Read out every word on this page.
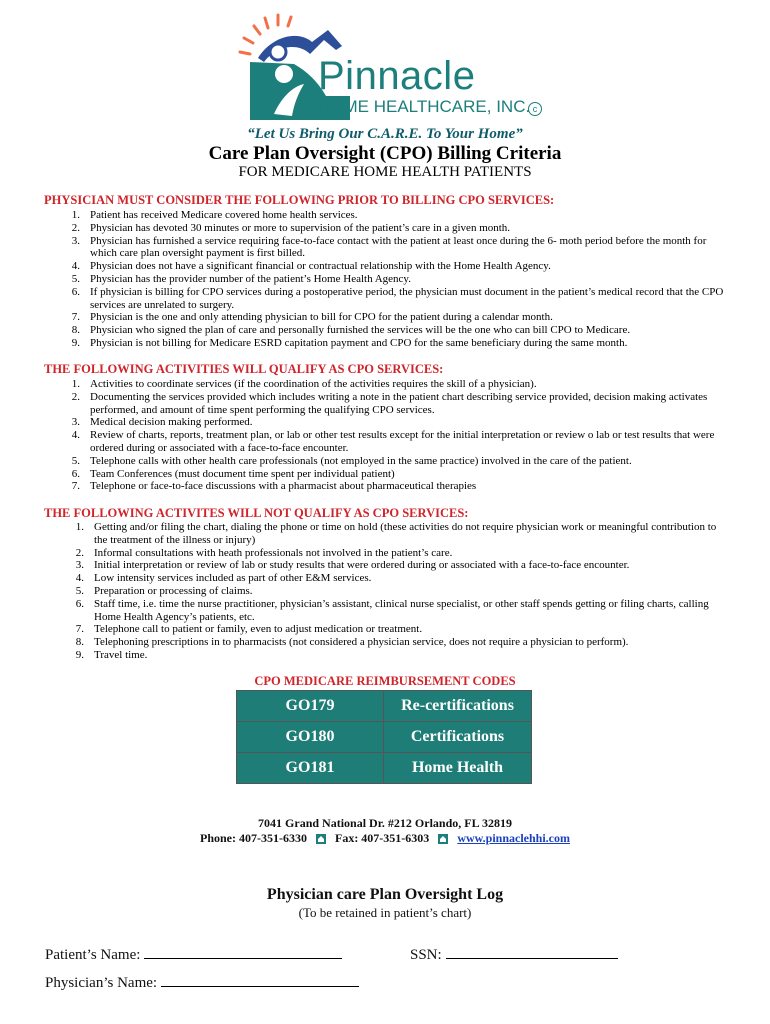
Pinnacle
HOME HEALTHCARE, INC. c
“Let Us Bring Our C.A.R.E. To Your Home”
Care Plan Oversight (CPO) Billing Criteria
FOR MEDICARE HOME HEALTH PATIENTS
PHYSICIAN MUST CONSIDER THE FOLLOWING PRIOR TO BILLING CPO SERVICES:
1. Patient has received Medicare covered home health services.
2. Physician has devoted 30 minutes or more to supervision of the patient’s care in a given month.
3. Physician has furnished a service requiring face-to-face contact with the patient at least once during the 6- moth period before the month for which care plan oversight payment is first billed.
4. Physician does not have a significant financial or contractual relationship with the Home Health Agency.
5. Physician has the provider number of the patient’s Home Health Agency.
6. If physician is billing for CPO services during a postoperative period, the physician must document in the patient’s medical record that the CPO services are unrelated to surgery.
7. Physician is the one and only attending physician to bill for CPO for the patient during a calendar month.
8. Physician who signed the plan of care and personally furnished the services will be the one who can bill CPO to Medicare.
9. Physician is not billing for Medicare ESRD capitation payment and CPO for the same beneficiary during the same month.
THE FOLLOWING ACTIVITIES WILL QUALIFY AS CPO SERVICES:
1. Activities to coordinate services (if the coordination of the activities requires the skill of a physician).
2. Documenting the services provided which includes writing a note in the patient chart describing service provided, decision making activates performed, and amount of time spent performing the qualifying CPO services.
3. Medical decision making performed.
4. Review of charts, reports, treatment plan, or lab or other test results except for the initial interpretation or review o lab or test results that were ordered during or associated with a face-to-face encounter.
5. Telephone calls with other health care professionals (not employed in the same practice) involved in the care of the patient.
6. Team Conferences (must document time spent per individual patient)
7. Telephone or face-to-face discussions with a pharmacist about pharmaceutical therapies
THE FOLLOWING ACTIVITES WILL NOT QUALIFY AS CPO SERVICES:
1. Getting and/or filing the chart, dialing the phone or time on hold (these activities do not require physician work or meaningful contribution to the treatment of the illness or injury)
2. Informal consultations with heath professionals not involved in the patient’s care.
3. Initial interpretation or review of lab or study results that were ordered during or associated with a face-to-face encounter.
4. Low intensity services included as part of other E&M services.
5. Preparation or processing of claims.
6. Staff time, i.e. time the nurse practitioner, physician’s assistant, clinical nurse specialist, or other staff spends getting or filing charts, calling Home Health Agency’s patients, etc.
7. Telephone call to patient or family, even to adjust medication or treatment.
8. Telephoning prescriptions in to pharmacists (not considered a physician service, does not require a physician to perform).
9. Travel time.
CPO MEDICARE REIMBURSEMENT CODES
GO179	Re-certifications
GO180	Certifications
GO181	Home Health
7041 Grand National Dr. #212 Orlando, FL 32819
Phone: 407-351-6330 Fax: 407-351-6303 www.pinnaclehhi.com
Physician care Plan Oversight Log
(To be retained in patient’s chart)
Patient’s Name:	SSN:
Physician’s Name:
